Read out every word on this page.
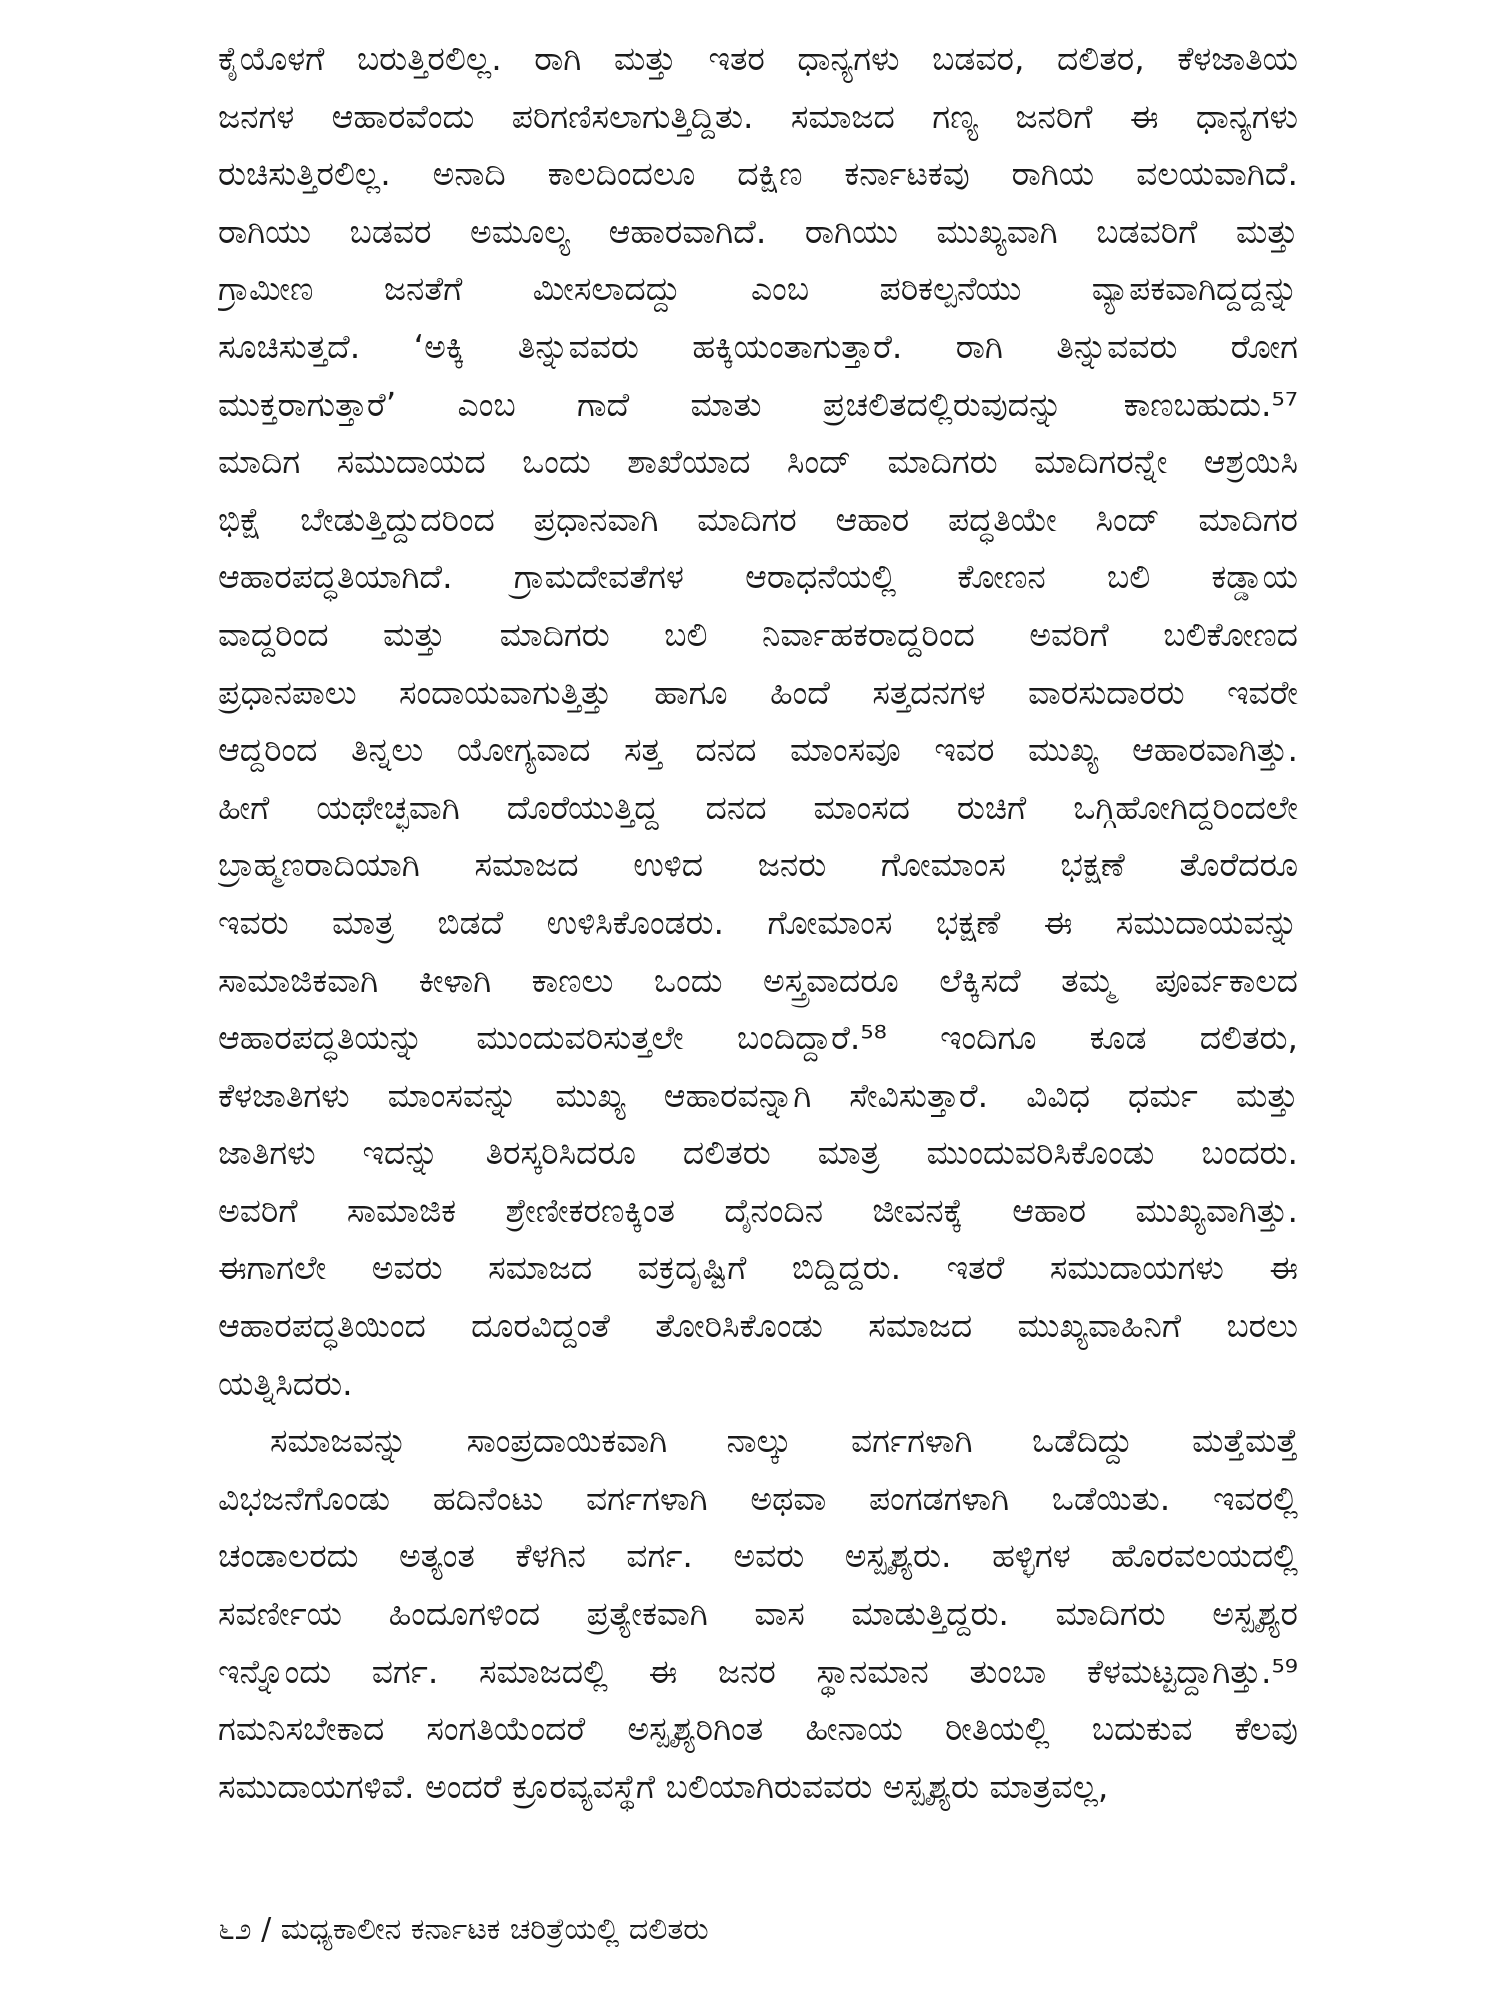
ಕೈಯೊಳಗೆ ಬರುತ್ತಿರಲಿಲ್ಲ. ರಾಗಿ ಮತ್ತು ಇತರ ಧಾನ್ಯಗಳು ಬಡವರ, ದಲಿತರ, ಕೆಳಜಾತಿಯ
ಜನಗಳ ಆಹಾರವೆಂದು ಪರಿಗಣಿಸಲಾಗುತ್ತಿದ್ದಿತು. ಸಮಾಜದ ಗಣ್ಯ ಜನರಿಗೆ ಈ ಧಾನ್ಯಗಳು
ರುಚಿಸುತ್ತಿರಲಿಲ್ಲ. ಅನಾದಿ ಕಾಲದಿಂದಲೂ ದಕ್ಷಿಣ ಕರ್ನಾಟಕವು ರಾಗಿಯ ವಲಯವಾಗಿದೆ.
ರಾಗಿಯು ಬಡವರ ಅಮೂಲ್ಯ ಆಹಾರವಾಗಿದೆ. ರಾಗಿಯು ಮುಖ್ಯವಾಗಿ ಬಡವರಿಗೆ ಮತ್ತು
ಗ್ರಾಮೀಣ ಜನತೆಗೆ ಮೀಸಲಾದದ್ದು ಎಂಬ ಪರಿಕಲ್ಪನೆಯು ವ್ಯಾಪಕವಾಗಿದ್ದದ್ದನ್ನು
ಸೂಚಿಸುತ್ತದೆ. ‘ಅಕ್ಕಿ ತಿನ್ನುವವರು ಹಕ್ಕಿಯಂತಾಗುತ್ತಾರೆ. ರಾಗಿ ತಿನ್ನುವವರು ರೋಗ
ಮುಕ್ತರಾಗುತ್ತಾರೆ’ ಎಂಬ ಗಾದೆ ಮಾತು ಪ್ರಚಲಿತದಲ್ಲಿರುವುದನ್ನು ಕಾಣಬಹುದು.⁵⁷
ಮಾದಿಗ ಸಮುದಾಯದ ಒಂದು ಶಾಖೆಯಾದ ಸಿಂದ್ ಮಾದಿಗರು ಮಾದಿಗರನ್ನೇ ಆಶ್ರಯಿಸಿ
ಭಿಕ್ಷೆ ಬೇಡುತ್ತಿದ್ದುದರಿಂದ ಪ್ರಧಾನವಾಗಿ ಮಾದಿಗರ ಆಹಾರ ಪದ್ಧತಿಯೇ ಸಿಂದ್ ಮಾದಿಗರ
ಆಹಾರಪದ್ಧತಿಯಾಗಿದೆ. ಗ್ರಾಮದೇವತೆಗಳ ಆರಾಧನೆಯಲ್ಲಿ ಕೋಣನ ಬಲಿ ಕಡ್ಡಾಯ
ವಾದ್ದರಿಂದ ಮತ್ತು ಮಾದಿಗರು ಬಲಿ ನಿರ್ವಾಹಕರಾದ್ದರಿಂದ ಅವರಿಗೆ ಬಲಿಕೋಣದ
ಪ್ರಧಾನಪಾಲು ಸಂದಾಯವಾಗುತ್ತಿತ್ತು ಹಾಗೂ ಹಿಂದೆ ಸತ್ತದನಗಳ ವಾರಸುದಾರರು ಇವರೇ
ಆದ್ದರಿಂದ ತಿನ್ನಲು ಯೋಗ್ಯವಾದ ಸತ್ತ ದನದ ಮಾಂಸವೂ ಇವರ ಮುಖ್ಯ ಆಹಾರವಾಗಿತ್ತು.
ಹೀಗೆ ಯಥೇಚ್ಛವಾಗಿ ದೊರೆಯುತ್ತಿದ್ದ ದನದ ಮಾಂಸದ ರುಚಿಗೆ ಒಗ್ಗಿಹೋಗಿದ್ದರಿಂದಲೇ
ಬ್ರಾಹ್ಮಣರಾದಿಯಾಗಿ ಸಮಾಜದ ಉಳಿದ ಜನರು ಗೋಮಾಂಸ ಭಕ್ಷಣೆ ತೊರೆದರೂ
ಇವರು ಮಾತ್ರ ಬಿಡದೆ ಉಳಿಸಿಕೊಂಡರು. ಗೋಮಾಂಸ ಭಕ್ಷಣೆ ಈ ಸಮುದಾಯವನ್ನು
ಸಾಮಾಜಿಕವಾಗಿ ಕೀಳಾಗಿ ಕಾಣಲು ಒಂದು ಅಸ್ತ್ರವಾದರೂ ಲೆಕ್ಕಿಸದೆ ತಮ್ಮ ಪೂರ್ವಕಾಲದ
ಆಹಾರಪದ್ಧತಿಯನ್ನು ಮುಂದುವರಿಸುತ್ತಲೇ ಬಂದಿದ್ದಾರೆ.⁵⁸ ಇಂದಿಗೂ ಕೂಡ ದಲಿತರು,
ಕೆಳಜಾತಿಗಳು ಮಾಂಸವನ್ನು ಮುಖ್ಯ ಆಹಾರವನ್ನಾಗಿ ಸೇವಿಸುತ್ತಾರೆ. ವಿವಿಧ ಧರ್ಮ ಮತ್ತು
ಜಾತಿಗಳು ಇದನ್ನು ತಿರಸ್ಕರಿಸಿದರೂ ದಲಿತರು ಮಾತ್ರ ಮುಂದುವರಿಸಿಕೊಂಡು ಬಂದರು.
ಅವರಿಗೆ ಸಾಮಾಜಿಕ ಶ್ರೇಣೀಕರಣಕ್ಕಿಂತ ದೈನಂದಿನ ಜೀವನಕ್ಕೆ ಆಹಾರ ಮುಖ್ಯವಾಗಿತ್ತು.
ಈಗಾಗಲೇ ಅವರು ಸಮಾಜದ ವಕ್ರದೃಷ್ಟಿಗೆ ಬಿದ್ದಿದ್ದರು. ಇತರೆ ಸಮುದಾಯಗಳು ಈ
ಆಹಾರಪದ್ಧತಿಯಿಂದ ದೂರವಿದ್ದಂತೆ ತೋರಿಸಿಕೊಂಡು ಸಮಾಜದ ಮುಖ್ಯವಾಹಿನಿಗೆ ಬರಲು
ಯತ್ನಿಸಿದರು.
ಸಮಾಜವನ್ನು ಸಾಂಪ್ರದಾಯಿಕವಾಗಿ ನಾಲ್ಕು ವರ್ಗಗಳಾಗಿ ಒಡೆದಿದ್ದು ಮತ್ತೆಮತ್ತೆ
ವಿಭಜನೆಗೊಂಡು ಹದಿನೆಂಟು ವರ್ಗಗಳಾಗಿ ಅಥವಾ ಪಂಗಡಗಳಾಗಿ ಒಡೆಯಿತು. ಇವರಲ್ಲಿ
ಚಂಡಾಲರದು ಅತ್ಯಂತ ಕೆಳಗಿನ ವರ್ಗ. ಅವರು ಅಸ್ಪೃಶ್ಯರು. ಹಳ್ಳಿಗಳ ಹೊರವಲಯದಲ್ಲಿ
ಸವರ್ಣೀಯ ಹಿಂದೂಗಳಿಂದ ಪ್ರತ್ಯೇಕವಾಗಿ ವಾಸ ಮಾಡುತ್ತಿದ್ದರು. ಮಾದಿಗರು ಅಸ್ಪೃಶ್ಯರ
ಇನ್ನೊಂದು ವರ್ಗ. ಸಮಾಜದಲ್ಲಿ ಈ ಜನರ ಸ್ಥಾನಮಾನ ತುಂಬಾ ಕೆಳಮಟ್ಟದ್ದಾಗಿತ್ತು.⁵⁹
ಗಮನಿಸಬೇಕಾದ ಸಂಗತಿಯೆಂದರೆ ಅಸ್ಪೃಶ್ಯರಿಗಿಂತ ಹೀನಾಯ ರೀತಿಯಲ್ಲಿ ಬದುಕುವ ಕೆಲವು
ಸಮುದಾಯಗಳಿವೆ. ಅಂದರೆ ಕ್ರೂರವ್ಯವಸ್ಥೆಗೆ ಬಲಿಯಾಗಿರುವವರು ಅಸ್ಪೃಶ್ಯರು ಮಾತ್ರವಲ್ಲ,
೬೨ / ಮಧ್ಯಕಾಲೀನ ಕರ್ನಾಟಕ ಚರಿತ್ರೆಯಲ್ಲಿ ದಲಿತರು
